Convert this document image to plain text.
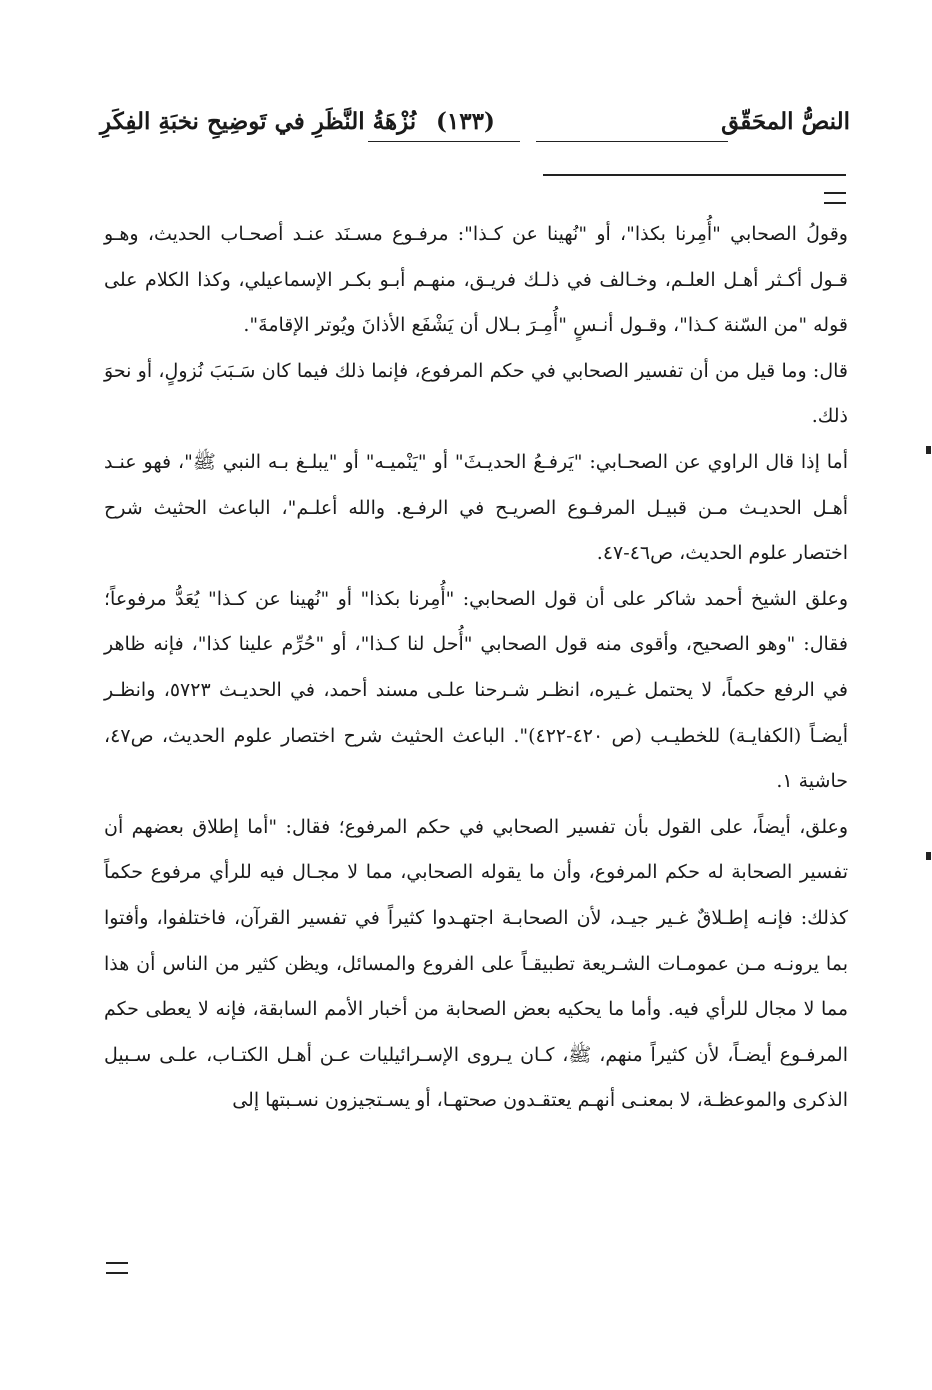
النصُّ المحَقّق
(١٣٣)
نُزْهَةُ النَّظَرِ في تَوضِيحِ نخبَةِ الفِكَرِ

وقولُ الصحابي "أُمِرنا بكذا"، أو "نُهينا عن كـذا": مرفـوع مسـنَد عنـد أصحـاب الحديث، وهـو قـول أكـثر أهـل العلـم، وخـالف في ذلـك فريـق، منهـم أبـو بكـر الإسماعيلي، وكذا الكلام على قوله "من السّنة كـذا"، وقـول أنـسٍ "أُمِـرَ بـلال أن يَشْفَع الأذانَ ويُوتر الإقامةَ".

قال: وما قيل من أن تفسير الصحابي في حكم المرفوع، فإنما ذلك فيما كان سَـبَبَ نُزولٍ، أو نحوَ ذلك.

أما إذا قال الراوي عن الصحـابي: "يَرفـعُ الحديـثَ" أو "يَنْميـه" أو "يبلـغ بـه النبي ﷺ"، فهو عنـد أهـل الحديـث مـن قبيـل المرفـوع الصريـح في الرفـع. والله أعلـم"، الباعث الحثيث شرح اختصار علوم الحديث، ص٤٦-٤٧.

وعلق الشيخ أحمد شاكر على أن قول الصحابي: "أُمِرنا بكذا" أو "نُهينا عن كـذا" يُعَدُّ مرفوعاً؛ فقال: "وهو الصحيح، وأقوى منه قول الصحابي "أُحل لنا كـذا"، أو "حُرِّم علينا كذا"، فإنه ظاهر في الرفع حكماً، لا يحتمل غـيره، انظـر شـرحنا علـى مسند أحمد، في الحديـث ٥٧٢٣، وانظـر أيضـاً (الكفايـة) للخطيـب (ص ٤٢٠-٤٢٢)". الباعث الحثيث شرح اختصار علوم الحديث، ص٤٧، حاشية ١.

وعلق، أيضاً، على القول بأن تفسير الصحابي في حكم المرفوع؛ فقال: "أما إطلاق بعضهم أن تفسير الصحابة له حكم المرفوع، وأن ما يقوله الصحابي، مما لا مجـال فيه للرأي مرفوع حكماً كذلك: فإنـه إطـلاقٌ غـير جيـد، لأن الصحابـة اجتهـدوا كثيراً في تفسير القرآن، فاختلفوا، وأفتوا بما يرونـه مـن عمومـات الشـريعة تطبيقـاً على الفروع والمسائل، ويظن كثير من الناس أن هذا مما لا مجال للرأي فيه. وأما ما يحكيه بعض الصحابة من أخبار الأمم السابقة، فإنه لا يعطى حكم المرفـوع أيضـاً، لأن كثيراً منهم، ﷺ، كـان يـروى الإسـرائيليات عـن أهـل الكتـاب، علـى سـبيل الذكرى والموعظـة، لا بمعنـى أنهـم يعتقـدون صحتهـا، أو يسـتجيزون نسـبتها إلى
